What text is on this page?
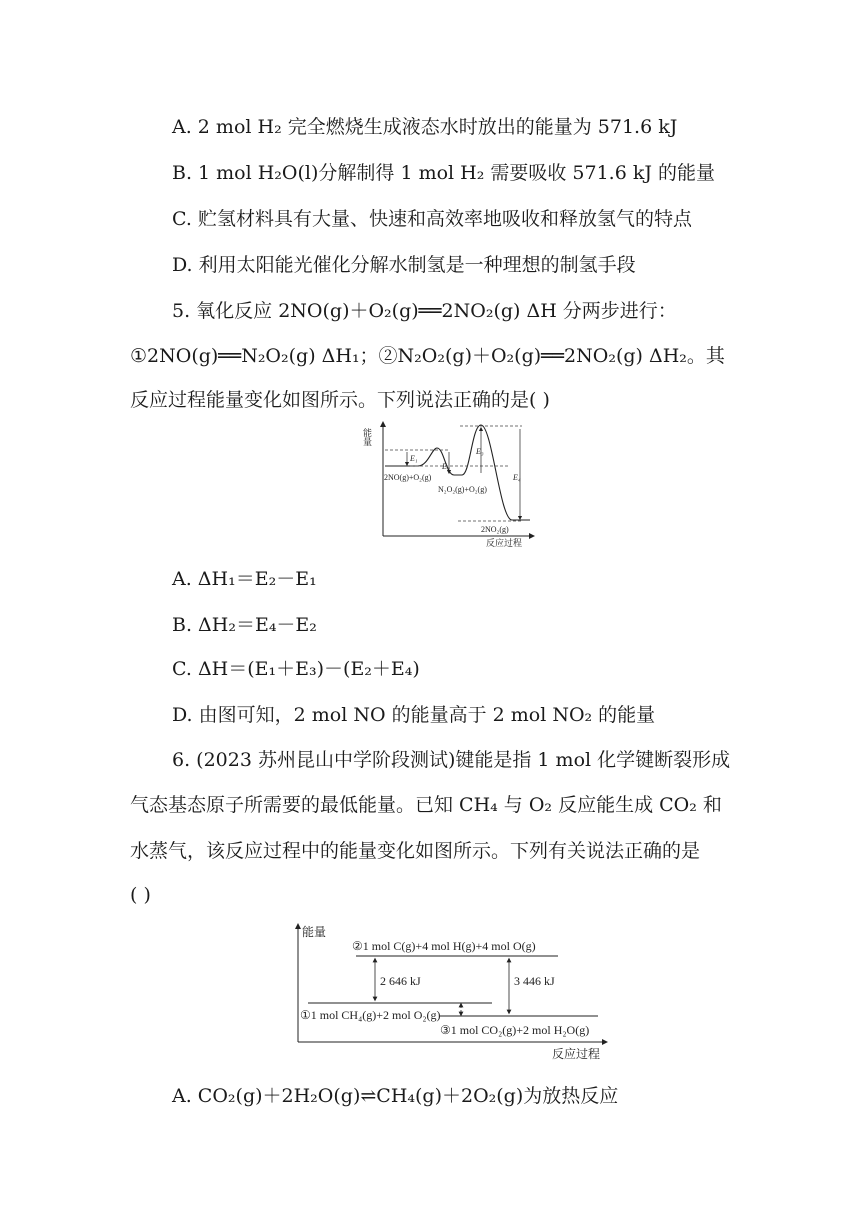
A. 2 mol H₂ 完全燃烧生成液态水时放出的能量为 571.6 kJ
B. 1 mol H₂O(l)分解制得 1 mol H₂ 需要吸收 571.6 kJ 的能量
C. 贮氢材料具有大量、快速和高效率地吸收和释放氢气的特点
D. 利用太阳能光催化分解水制氢是一种理想的制氢手段
5. 氧化反应 2NO(g)＋O₂(g)══2NO₂(g) ΔH 分两步进行：
①2NO(g)══N₂O₂(g) ΔH₁；②N₂O₂(g)＋O₂(g)══2NO₂(g) ΔH₂。其
反应过程能量变化如图所示。下列说法正确的是( )
能量
反应过程
E₁
E₂
E₃
E₄
2NO(g)+O₂(g)
N₂O₂(g)+O₂(g)
2NO₂(g)
A. ΔH₁＝E₂－E₁
B. ΔH₂＝E₄－E₂
C. ΔH＝(E₁＋E₃)－(E₂＋E₄)
D. 由图可知，2 mol NO 的能量高于 2 mol NO₂ 的能量
6. (2023 苏州昆山中学阶段测试)键能是指 1 mol 化学键断裂形成
气态基态原子所需要的最低能量。已知 CH₄ 与 O₂ 反应能生成 CO₂ 和
水蒸气，该反应过程中的能量变化如图所示。下列有关说法正确的是
( )
能量
反应过程
②1 mol C(g)+4 mol H(g)+4 mol O(g)
①1 mol CH₄(g)+2 mol O₂(g)
③1 mol CO₂(g)+2 mol H₂O(g)
2 646 kJ	3 446 kJ
A. CO₂(g)＋2H₂O(g)⇌CH₄(g)＋2O₂(g)为放热反应
